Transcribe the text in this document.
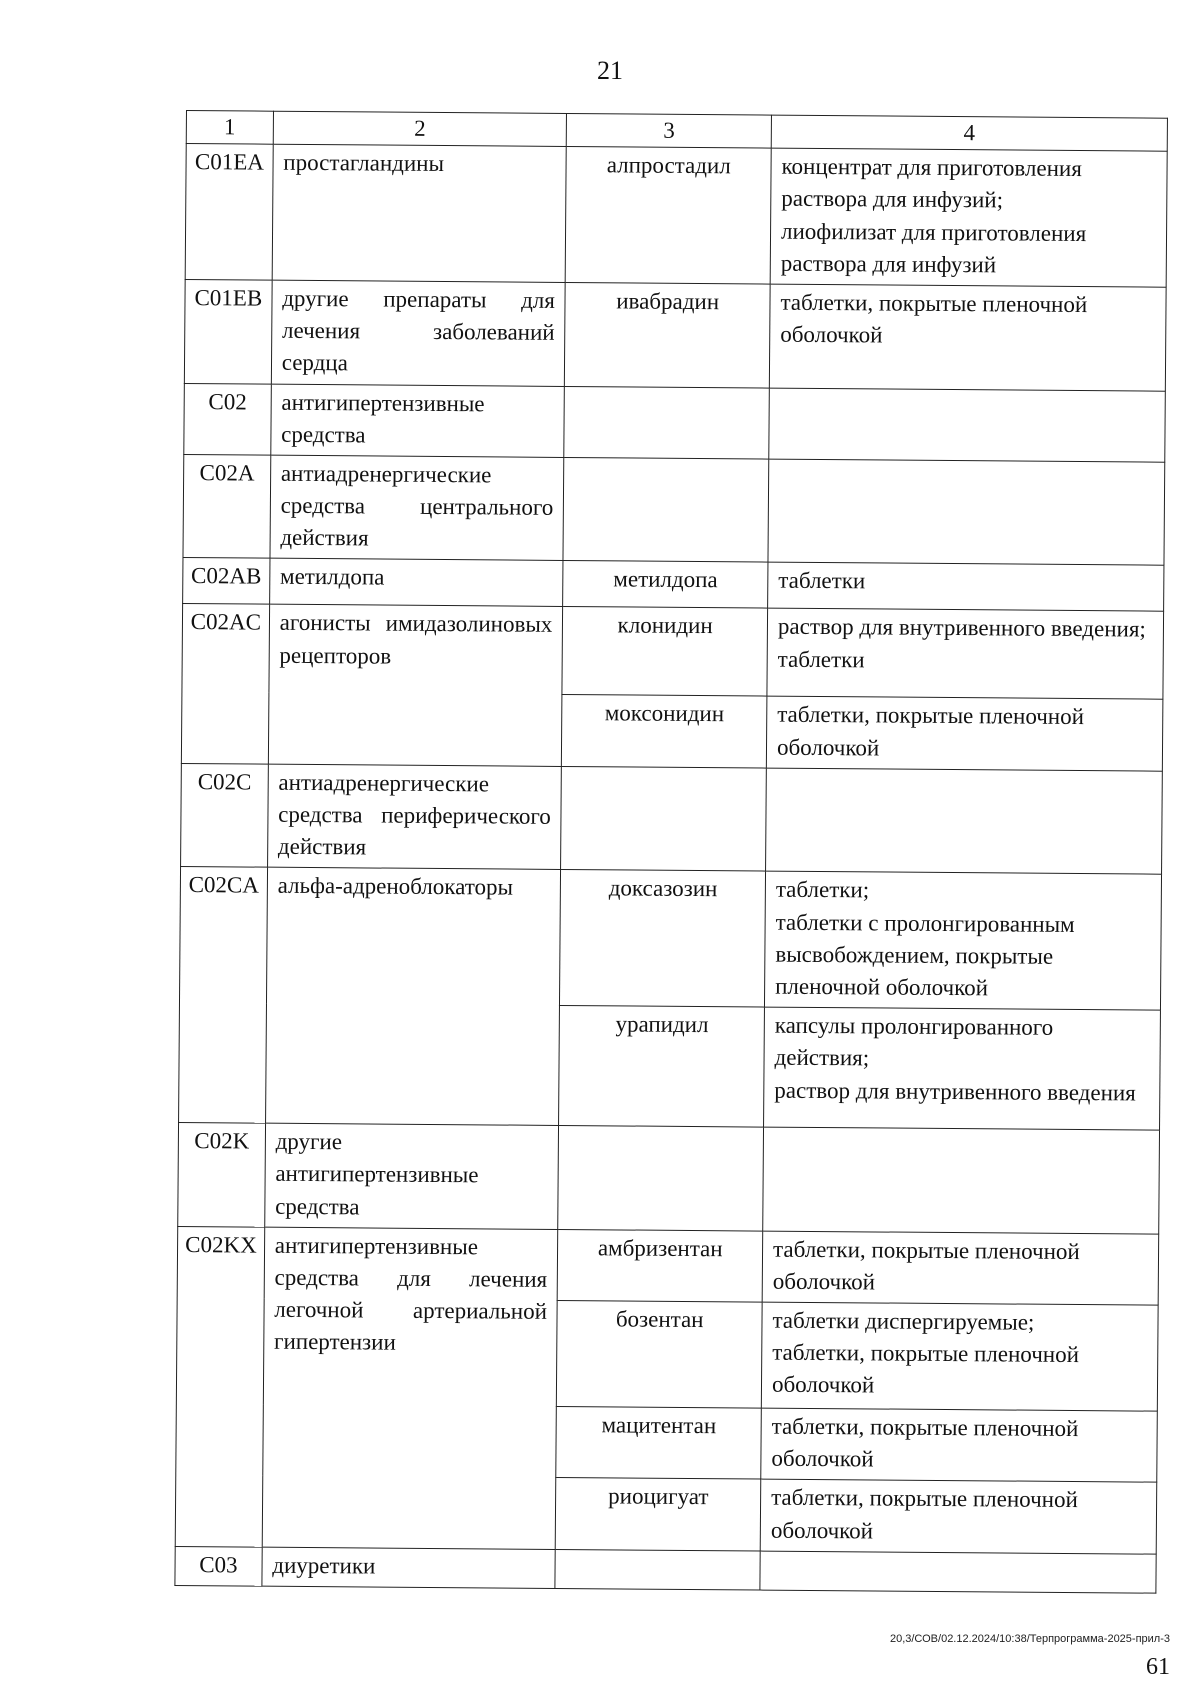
21
1	2	3	4
C01EA	простагландины	алпростадил	концентрат для приготовления раствора для инфузий;
лиофилизат для приготовления раствора для инфузий

C01EB	другие препараты для лечения заболеваний сердца	ивабрадин	таблетки, покрытые пленочной оболочкой

C02	антигипертензивные средства		

C02A	антиадренергические средства центрального действия		

C02AB	метилдопа	метилдопа	таблетки

C02AC	агонисты имидазолиновых рецепторов	клонидин	раствор для внутривенного введения;
таблетки

		моксонидин	таблетки, покрытые пленочной оболочкой

C02C	антиадренергические средства периферического действия		

C02CA	альфа-адреноблокаторы	доксазозин	таблетки;
таблетки с пролонгированным высвобождением, покрытые пленочной оболочкой

		урапидил	капсулы пролонгированного действия;
раствор для внутривенного введения

C02K	другие антигипертензивные средства		

C02KX	антигипертензивные средства для лечения легочной артериальной гипертензии	амбризентан	таблетки, покрытые пленочной оболочкой

		бозентан	таблетки диспергируемые;
таблетки, покрытые пленочной оболочкой

		мацитентан	таблетки, покрытые пленочной оболочкой

		риоцигуат	таблетки, покрытые пленочной оболочкой

C03	диуретики		
20,3/СОВ/02.12.2024/10:38/Терпрограмма-2025-прил-3
61
